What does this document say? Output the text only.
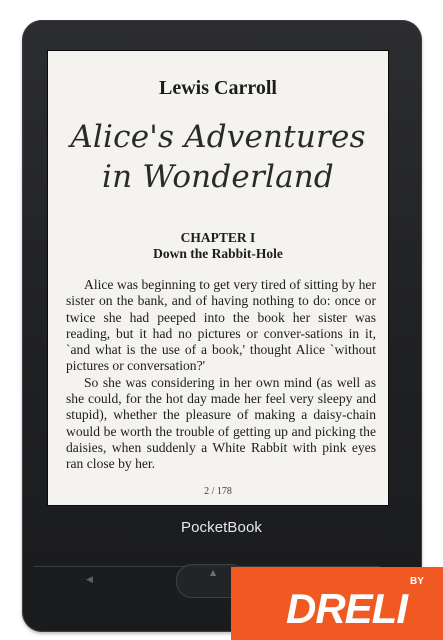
Lewis Carroll
Alice's Adventures
in Wonderland
CHAPTER I
Down the Rabbit-Hole

Alice was beginning to get very tired of sitting by her sister on the bank, and of having nothing to do: once or twice she had peeped into the book her sister was reading, but it had no pictures or conver-sations in it, `and what is the use of a book,' thought Alice `without pictures or conversation?'

So she was considering in her own mind (as well as she could, for the hot day made her feel very sleepy and stupid), whether the pleasure of making a daisy-chain would be worth the trouble of getting up and picking the daisies, when suddenly a White Rabbit with pink eyes ran close by her.

2 / 178
PocketBook
◀
▲
DRELI
BY
